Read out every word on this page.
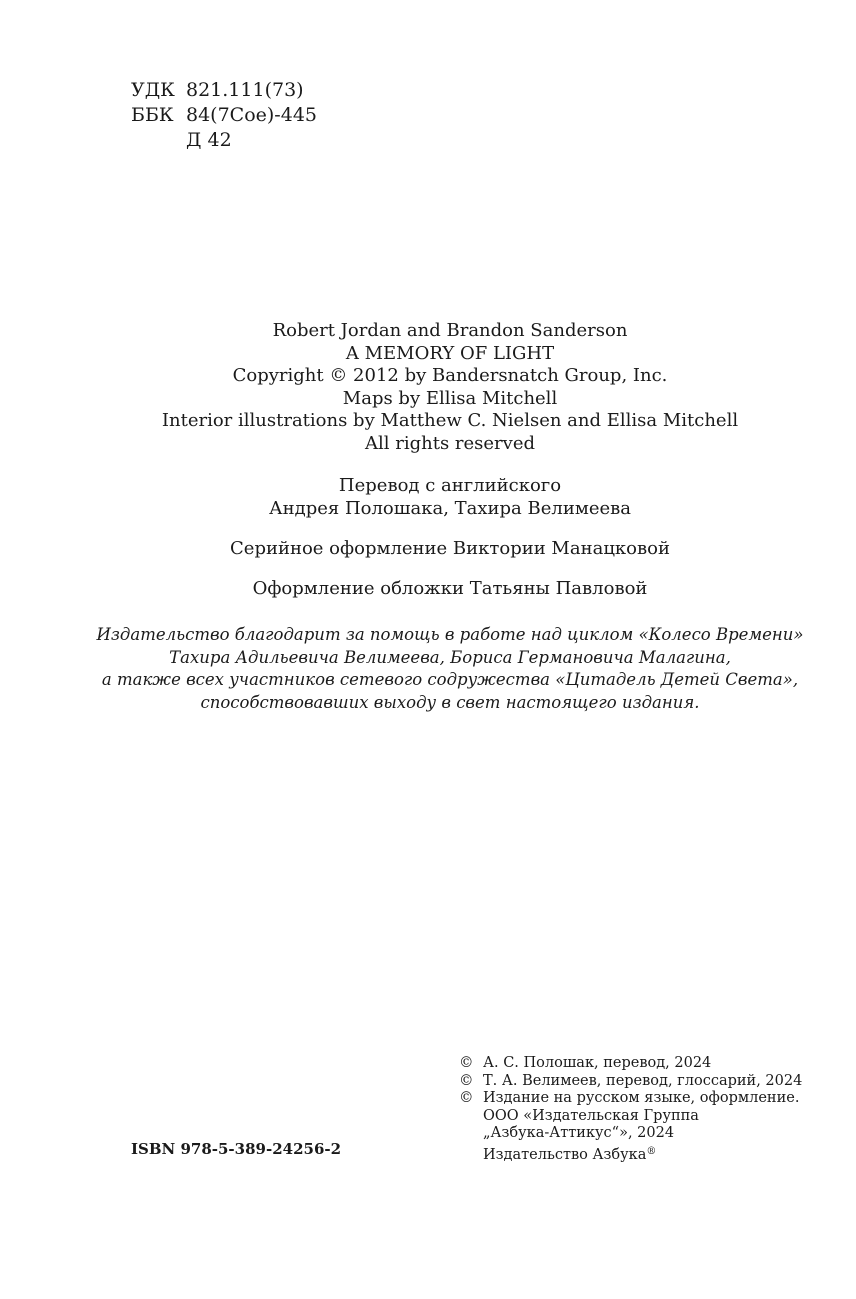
УДК 821.111(73)
ББК 84(7Сое)-445
Д 42
Robert Jordan and Brandon Sanderson
A MEMORY OF LIGHT
Copyright © 2012 by Bandersnatch Group, Inc.
Maps by Ellisa Mitchell
Interior illustrations by Matthew C. Nielsen and Ellisa Mitchell
All rights reserved
Перевод с английского
Андрея Полошака, Тахира Велимеева
Серийное оформление Виктории Манацковой
Оформление обложки Татьяны Павловой
Издательство благодарит за помощь в работе над циклом «Колесо Времени»
Тахира Адильевича Велимеева, Бориса Германовича Малагина,
а также всех участников сетевого содружества «Цитадель Детей Света»,
способствовавших выходу в свет настоящего издания.
© А. С. Полошак, перевод, 2024
© Т. А. Велимеев, перевод, глоссарий, 2024
© Издание на русском языке, оформление.
ООО «Издательская Группа
„Азбука-Аттикус“», 2024
Издательство Азбука®
ISBN 978-5-389-24256-2
